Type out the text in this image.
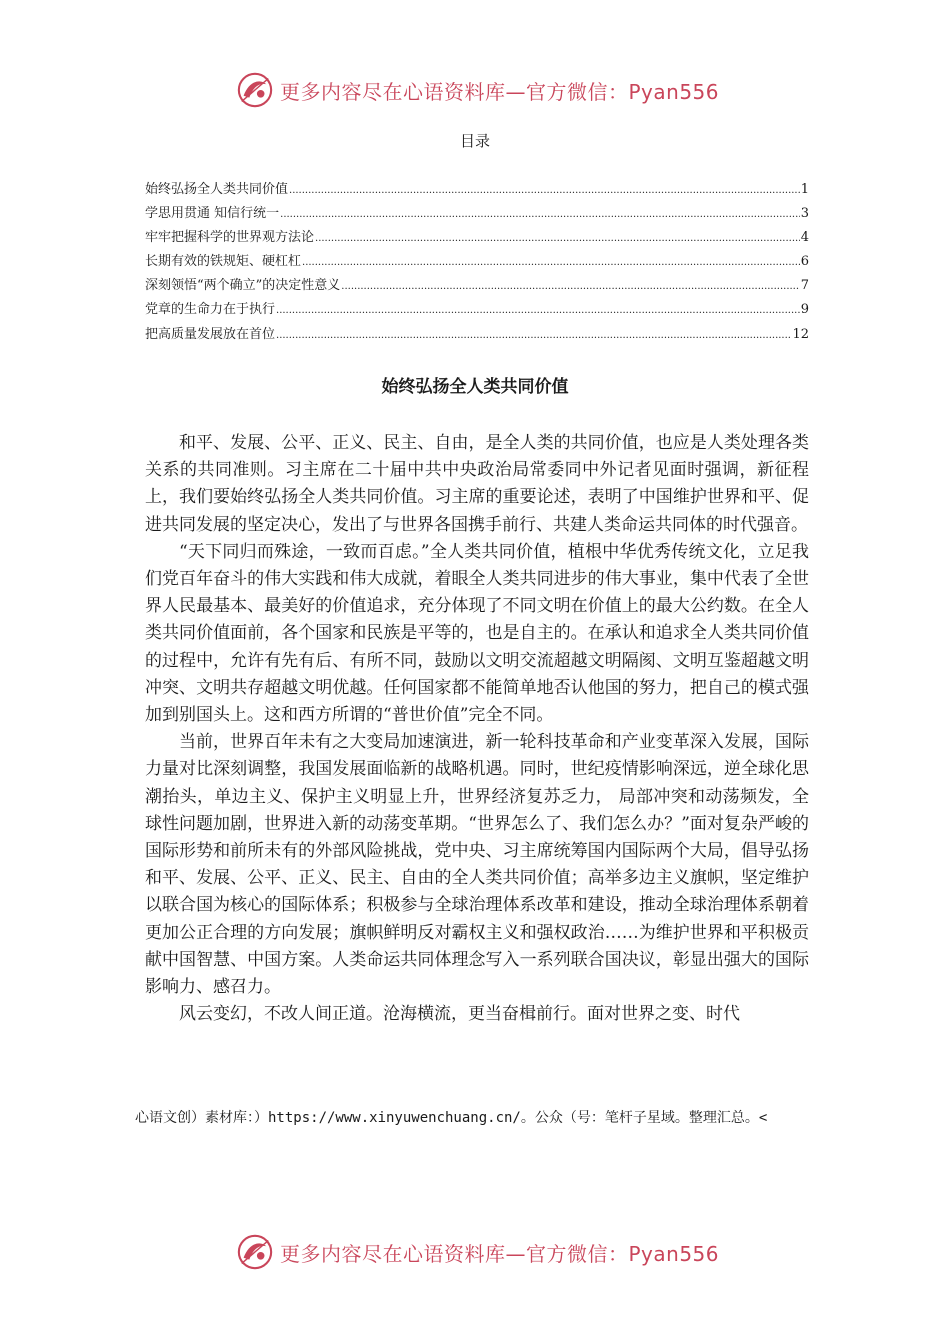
更多内容尽在心语资料库—官方微信：Pyan556
目录
始终弘扬全人类共同价值 .....	1
学思用贯通 知信行统一 .....	3
牢牢把握科学的世界观方法论 .....	4
长期有效的铁规矩、硬杠杠 .....	6
深刻领悟“两个确立”的决定性意义 .....	7
党章的生命力在于执行 .....	9
把高质量发展放在首位 .....	12
始终弘扬全人类共同价值

和平、发展、公平、正义、民主、自由，是全人类的共同价值，也应是人类处理各类关系的共同准则。习主席在二十届中共中央政治局常委同中外记者见面时强调，新征程上，我们要始终弘扬全人类共同价值。习主席的重要论述，表明了中国维护世界和平、促进共同发展的坚定决心，发出了与世界各国携手前行、共建人类命运共同体的时代强音。

“天下同归而殊途，一致而百虑。”全人类共同价值，植根中华优秀传统文化，立足我们党百年奋斗的伟大实践和伟大成就，着眼全人类共同进步的伟大事业，集中代表了全世界人民最基本、最美好的价值追求，充分体现了不同文明在价值上的最大公约数。在全人类共同价值面前，各个国家和民族是平等的，也是自主的。在承认和追求全人类共同价值的过程中，允许有先有后、有所不同，鼓励以文明交流超越文明隔阂、文明互鉴超越文明冲突、文明共存超越文明优越。任何国家都不能简单地否认他国的努力，把自己的模式强加到别国头上。这和西方所谓的“普世价值”完全不同。

当前，世界百年未有之大变局加速演进，新一轮科技革命和产业变革深入发展，国际力量对比深刻调整，我国发展面临新的战略机遇。同时，世纪疫情影响深远，逆全球化思潮抬头，单边主义、保护主义明显上升，世界经济复苏乏力， 局部冲突和动荡频发，全球性问题加剧，世界进入新的动荡变革期。“世界怎么了、我们怎么办？”面对复杂严峻的国际形势和前所未有的外部风险挑战，党中央、习主席统筹国内国际两个大局，倡导弘扬和平、发展、公平、正义、民主、自由的全人类共同价值；高举多边主义旗帜，坚定维护以联合国为核心的国际体系；积极参与全球治理体系改革和建设，推动全球治理体系朝着更加公正合理的方向发展；旗帜鲜明反对霸权主义和强权政治……为维护世界和平积极贡献中国智慧、中国方案。人类命运共同体理念写入一系列联合国决议，彰显出强大的国际影响力、感召力。

风云变幻，不改人间正道。沧海横流，更当奋楫前行。面对世界之变、时代

心语文创）素材库：）https://www.xinyuwenchuang.cn/。公众（号：笔杆子星域。整理汇总。<
更多内容尽在心语资料库—官方微信：Pyan556
